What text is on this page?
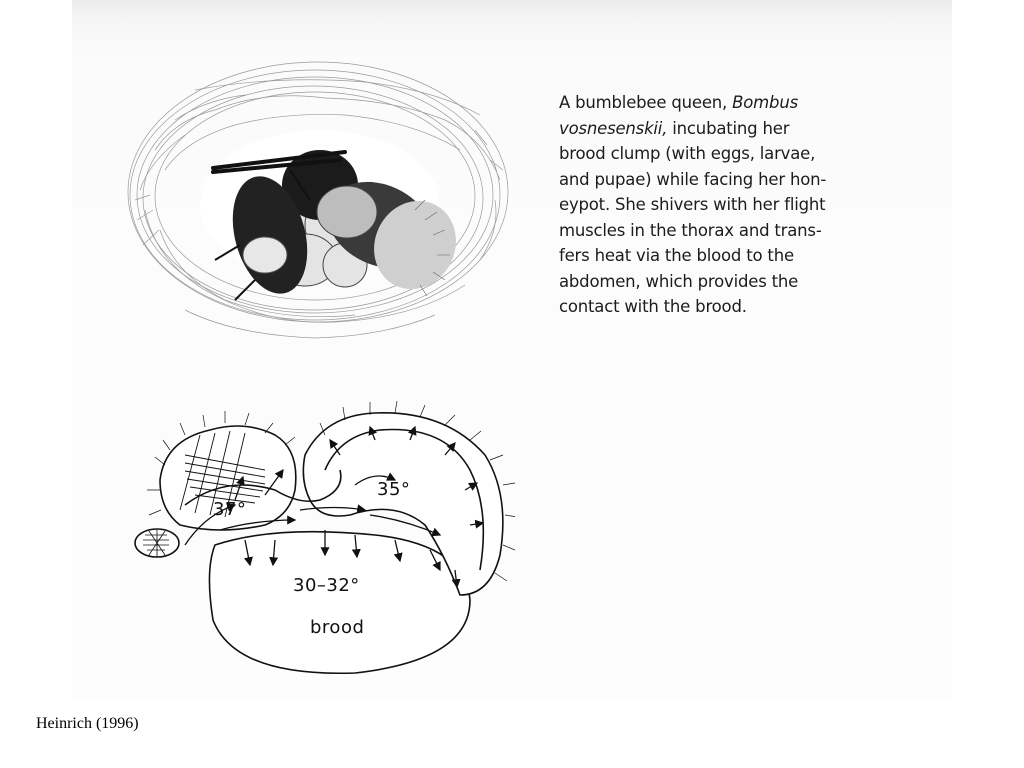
A bumblebee queen, Bombus
vosnesenskii, incubating her
brood clump (with eggs, larvae,
and pupae) while facing her hon-
eypot. She shivers with her flight
muscles in the thorax and trans-
fers heat via the blood to the
abdomen, which provides the
contact with the brood.
37°
35°
30–32°
brood
Heinrich (1996)
